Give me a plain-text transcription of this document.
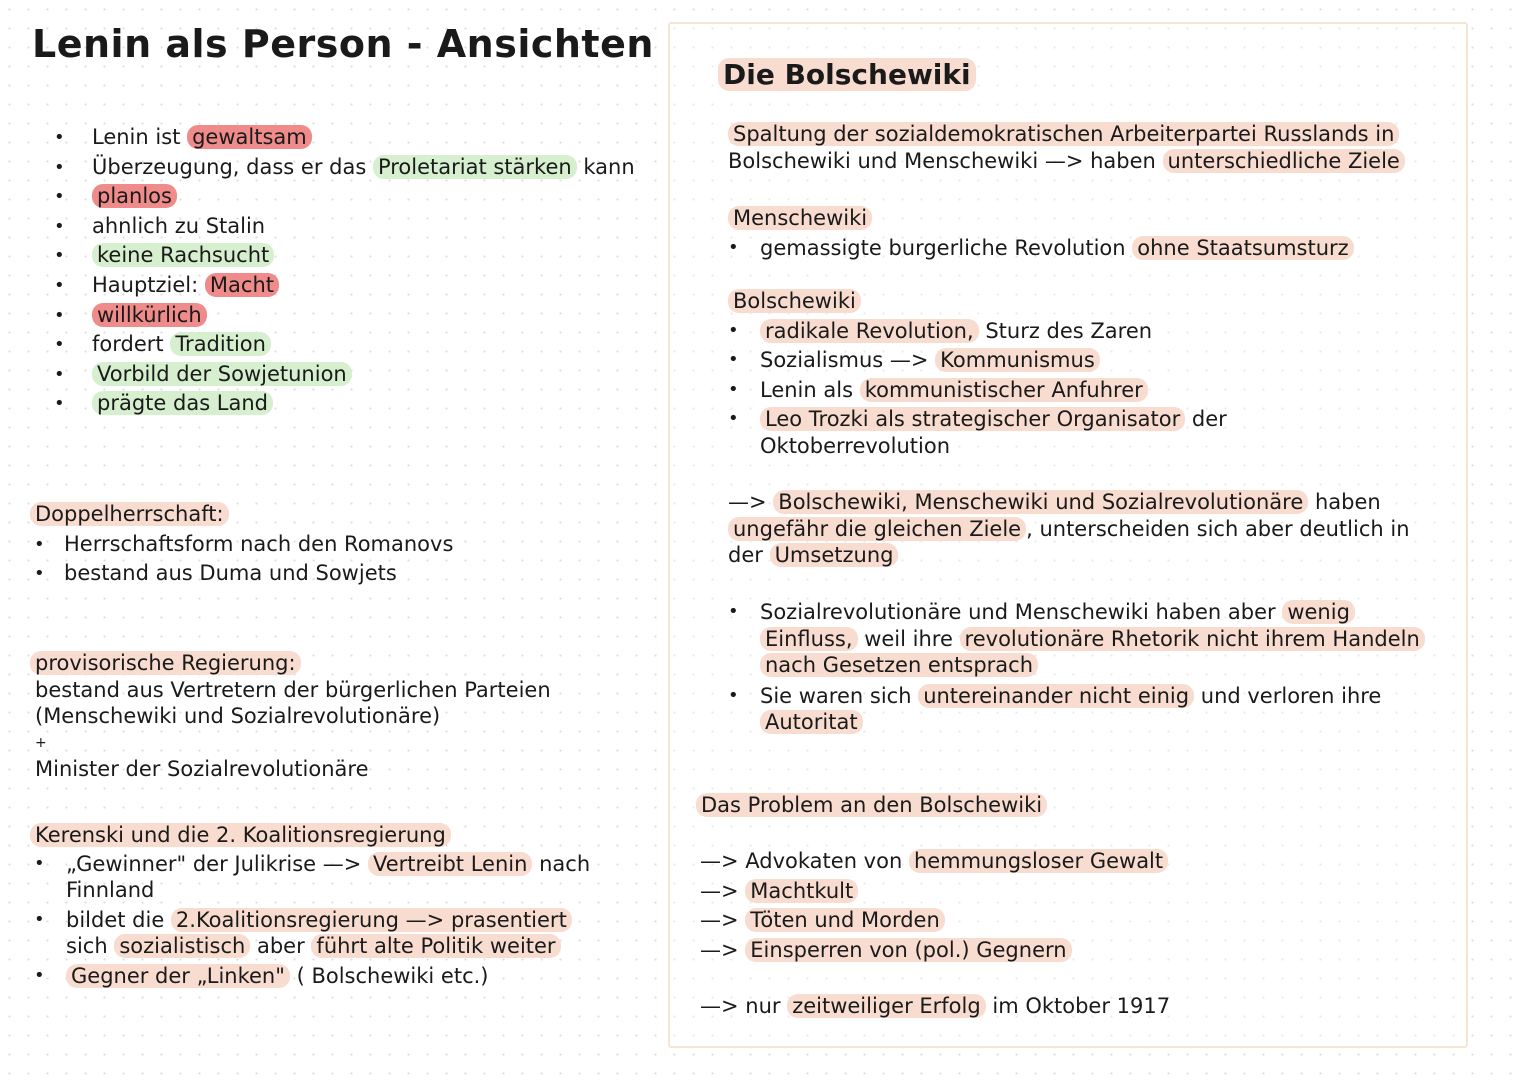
Lenin als Person - Ansichten
• Lenin ist gewaltsam
• Überzeugung, dass er das Proletariat stärken kann
• planlos
• ahnlich zu Stalin
• keine Rachsucht
• Hauptziel: Macht
• willkürlich
• fordert Tradition
• Vorbild der Sowjetunion
• prägte das Land
Doppelherrschaft:
• Herrschaftsform nach den Romanovs
• bestand aus Duma und Sowjets
provisorische Regierung:
bestand aus Vertretern der bürgerlichen Parteien
(Menschewiki und Sozialrevolutionäre)
+
Minister der Sozialrevolutionäre
Kerenski und die 2. Koalitionsregierung
• „Gewinner" der Julikrise —> Vertreibt Lenin nach
Finnland
• bildet die 2.Koalitionsregierung —> prasentiert
sich sozialistisch aber führt alte Politik weiter
• Gegner der „Linken" ( Bolschewiki etc.)
Die Bolschewiki
Spaltung der sozialdemokratischen Arbeiterpartei Russlands in
Bolschewiki und Menschewiki —> haben unterschiedliche Ziele
Menschewiki
• gemassigte burgerliche Revolution ohne Staatsumsturz
Bolschewiki
• radikale Revolution, Sturz des Zaren
• Sozialismus —> Kommunismus
• Lenin als kommunistischer Anfuhrer
• Leo Trozki als strategischer Organisator der
Oktoberrevolution
—> Bolschewiki, Menschewiki und Sozialrevolutionäre haben
ungefähr die gleichen Ziele , unterscheiden sich aber deutlich in
der Umsetzung
• Sozialrevolutionäre und Menschewiki haben aber wenig
Einfluss, weil ihre revolutionäre Rhetorik nicht ihrem Handeln
nach Gesetzen entsprach
• Sie waren sich untereinander nicht einig und verloren ihre
Autoritat
Das Problem an den Bolschewiki
—> Advokaten von hemmungsloser Gewalt
—> Machtkult
—> Töten und Morden
—> Einsperren von (pol.) Gegnern
—> nur zeitweiliger Erfolg im Oktober 1917
